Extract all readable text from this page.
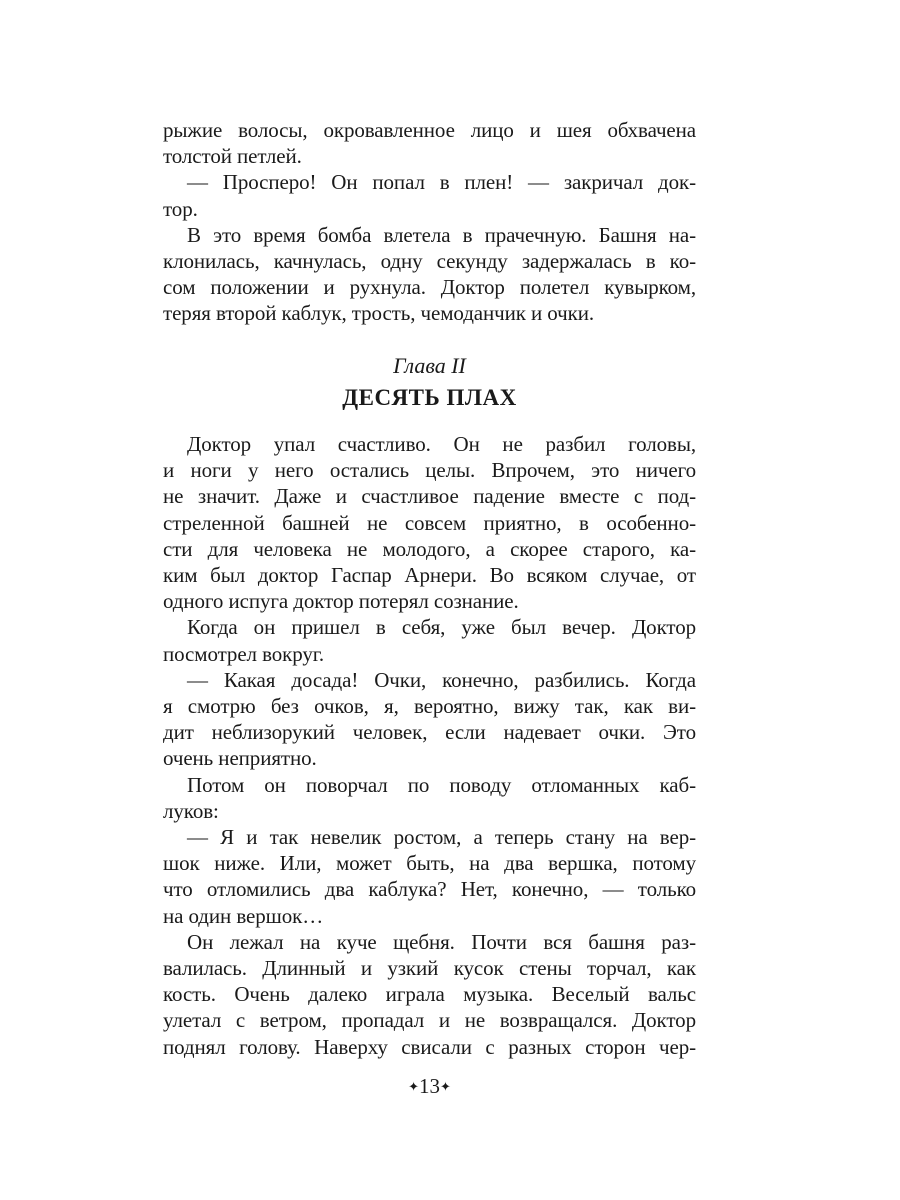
рыжие волосы, окровавленное лицо и шея обхвачена
толстой петлей.
— Просперо! Он попал в плен! — закричал док-
тор.
В это время бомба влетела в прачечную. Башня на-
клонилась, качнулась, одну секунду задержалась в ко-
сом положении и рухнула. Доктор полетел кувырком,
теряя второй каблук, трость, чемоданчик и очки.
Глава II
ДЕСЯТЬ ПЛАХ
Доктор упал счастливо. Он не разбил головы,
и ноги у него остались целы. Впрочем, это ничего
не значит. Даже и счастливое падение вместе с под-
стреленной башней не совсем приятно, в особенно-
сти для человека не молодого, а скорее старого, ка-
ким был доктор Гаспар Арнери. Во всяком случае, от
одного испуга доктор потерял сознание.
Когда он пришел в себя, уже был вечер. Доктор
посмотрел вокруг.
— Какая досада! Очки, конечно, разбились. Когда
я смотрю без очков, я, вероятно, вижу так, как ви-
дит неблизорукий человек, если надевает очки. Это
очень неприятно.
Потом он поворчал по поводу отломанных каб-
луков:
— Я и так невелик ростом, а теперь стану на вер-
шок ниже. Или, может быть, на два вершка, потому
что отломились два каблука? Нет, конечно, — только
на один вершок…
Он лежал на куче щебня. Почти вся башня раз-
валилась. Длинный и узкий кусок стены торчал, как
кость. Очень далеко играла музыка. Веселый вальс
улетал с ветром, пропадал и не возвращался. Доктор
поднял голову. Наверху свисали с разных сторон чер-
✦13✦
